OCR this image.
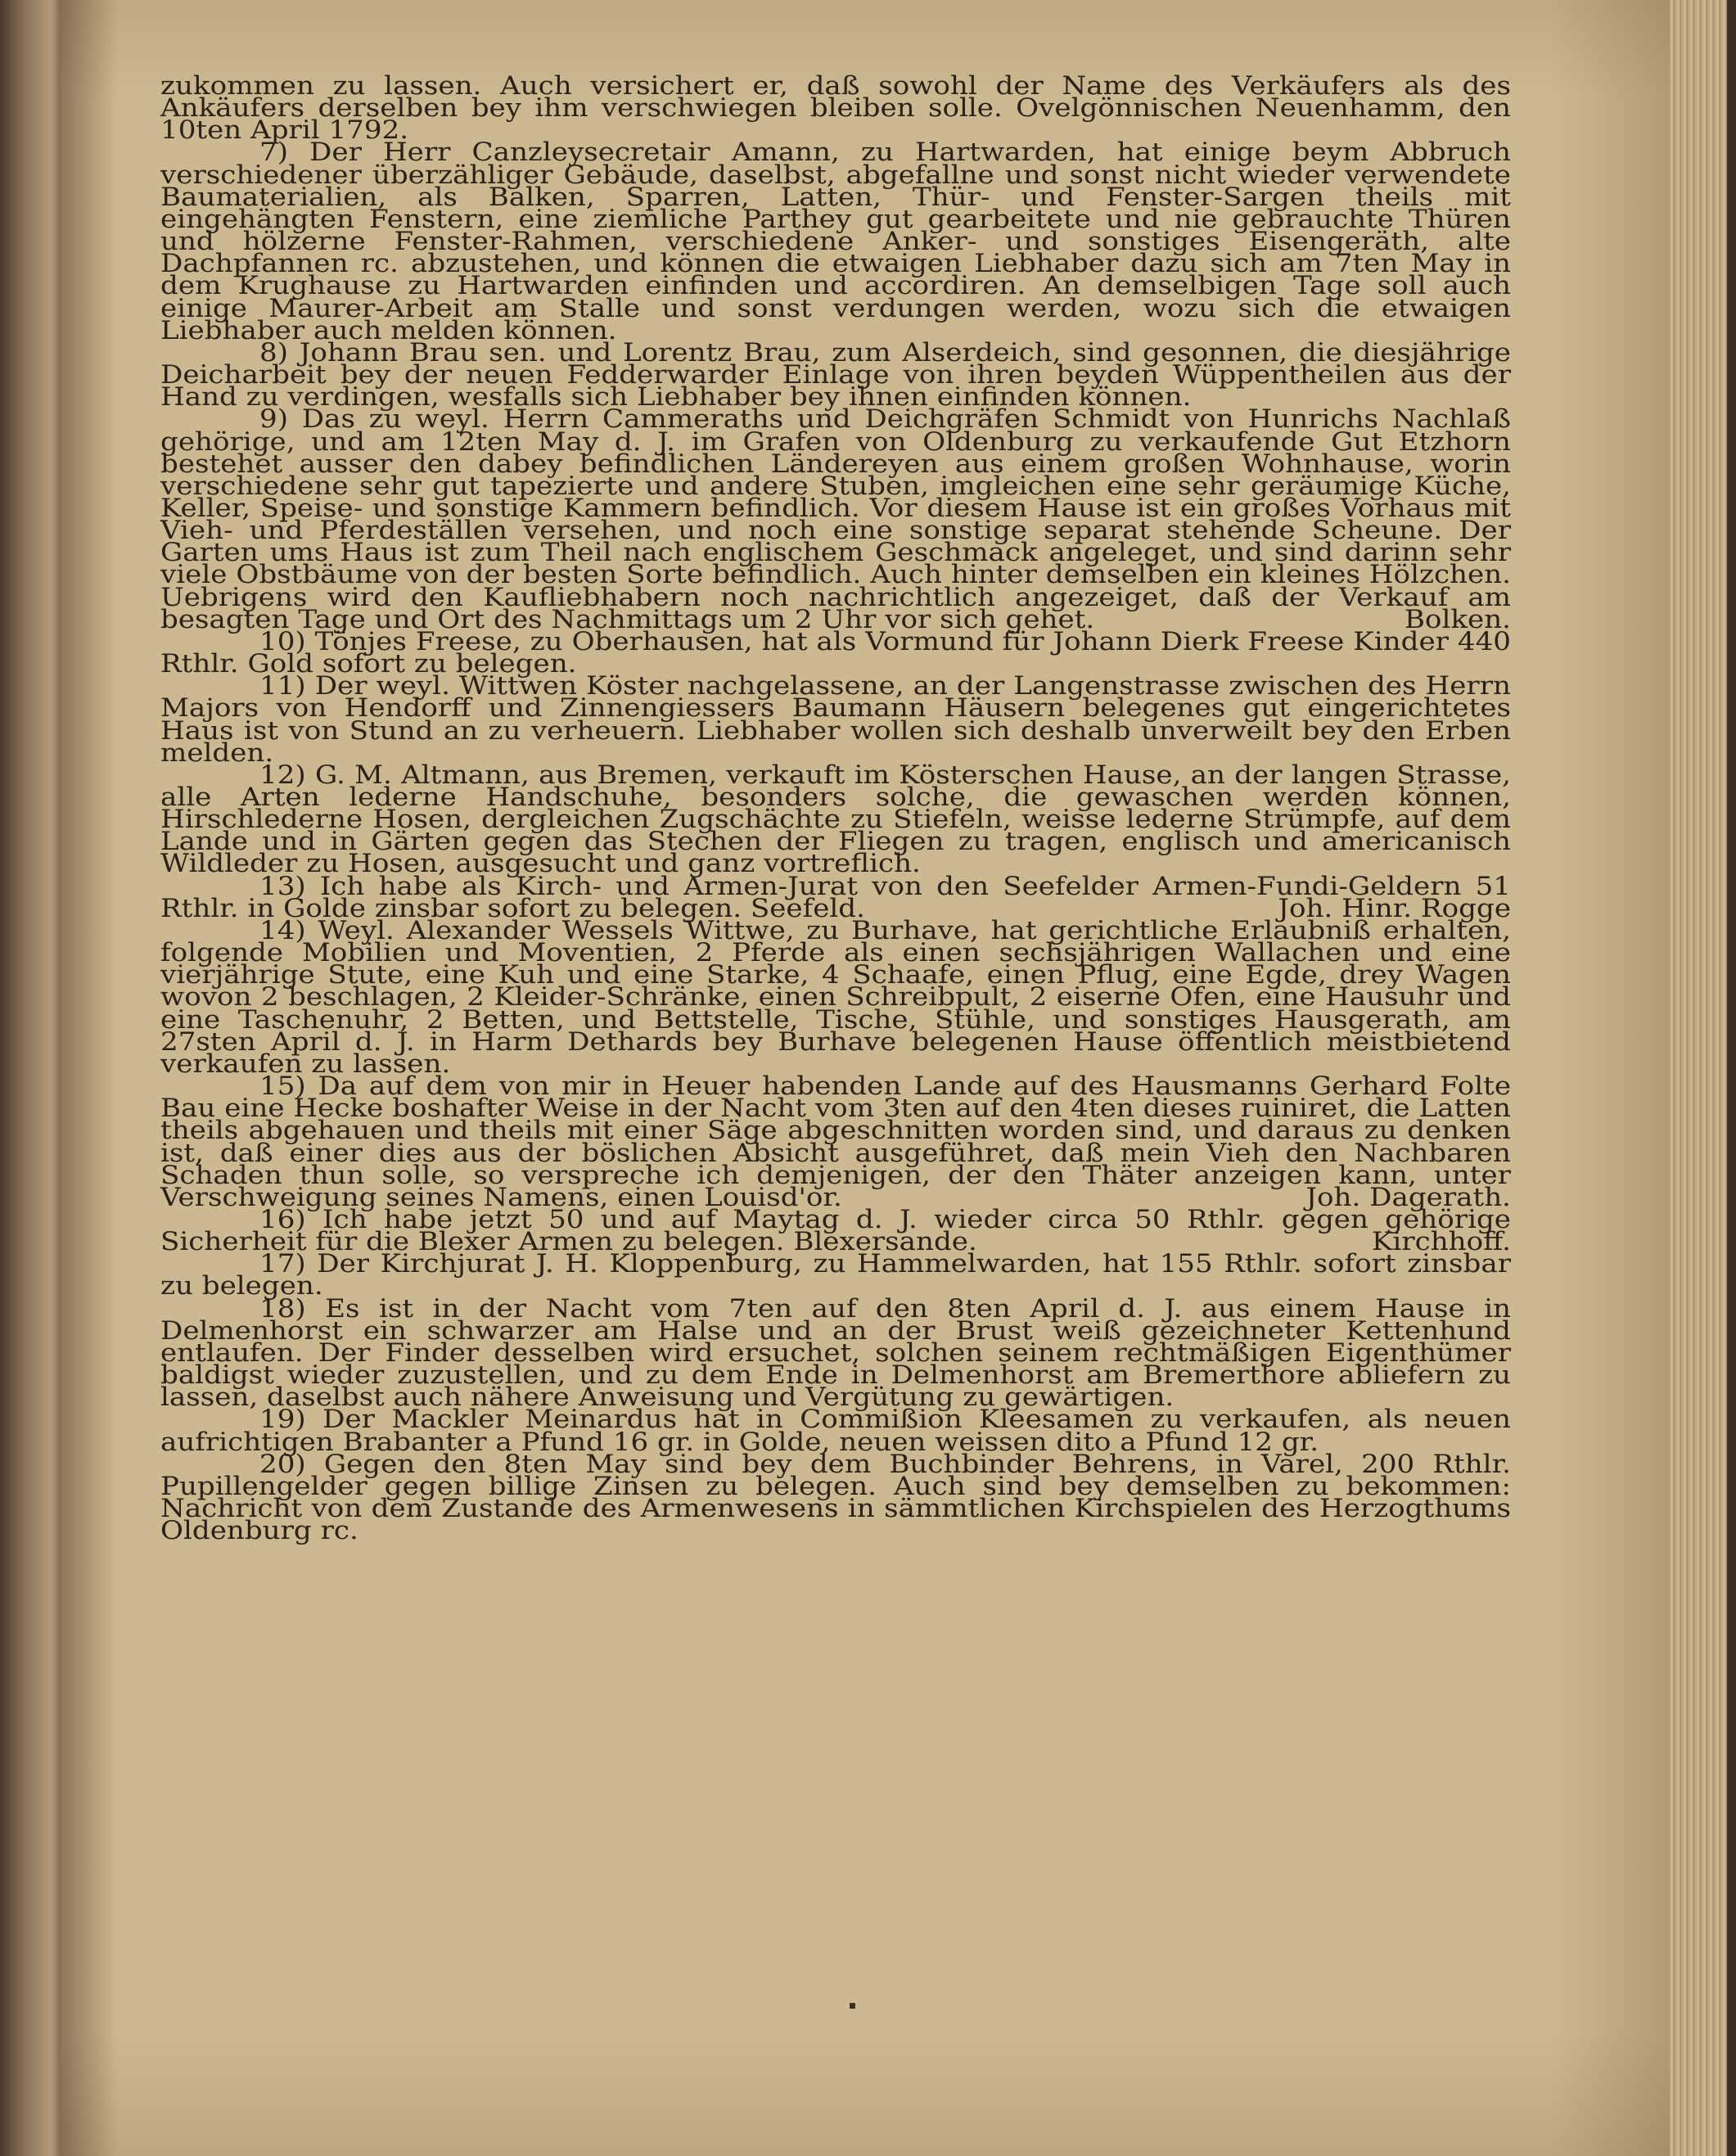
zukommen zu lassen. Auch versichert er, daß sowohl der Name des Verkäufers als des Ankäufers derselben bey ihm verschwiegen bleiben solle. Ovelgönnischen Neuenhamm, den 10ten April 1792.

7) Der Herr Canzleysecretair Amann, zu Hartwarden, hat einige beym Abbruch verschiedener überzähliger Gebäude, daselbst, abgefallne und sonst nicht wieder verwendete Baumaterialien, als Balken, Sparren, Latten, Thür- und Fenster-Sargen theils mit eingehängten Fenstern, eine ziemliche Parthey gut gearbeitete und nie gebrauchte Thüren und hölzerne Fenster-Rahmen, verschiedene Anker- und sonstiges Eisengeräth, alte Dachpfannen rc. abzustehen, und können die etwaigen Liebhaber dazu sich am 7ten May in dem Krughause zu Hartwarden einfinden und accordiren. An demselbigen Tage soll auch einige Maurer-Arbeit am Stalle und sonst verdungen werden, wozu sich die etwaigen Liebhaber auch melden können.

8) Johann Brau sen. und Lorentz Brau, zum Alserdeich, sind gesonnen, die diesjährige Deicharbeit bey der neuen Fedderwarder Einlage von ihren beyden Wüppentheilen aus der Hand zu verdingen, wesfalls sich Liebhaber bey ihnen einfinden können.

9) Das zu weyl. Herrn Cammeraths und Deichgräfen Schmidt von Hunrichs Nachlaß gehörige, und am 12ten May d. J. im Grafen von Oldenburg zu verkaufende Gut Etzhorn bestehet ausser den dabey befindlichen Ländereyen aus einem großen Wohnhause, worin verschiedene sehr gut tapezierte und andere Stuben, imgleichen eine sehr geräumige Küche, Keller, Speise- und sonstige Kammern befindlich. Vor diesem Hause ist ein großes Vorhaus mit Vieh- und Pferdeställen versehen, und noch eine sonstige separat stehende Scheune. Der Garten ums Haus ist zum Theil nach englischem Geschmack angeleget, und sind darinn sehr viele Obstbäume von der besten Sorte befindlich. Auch hinter demselben ein kleines Hölzchen. Uebrigens wird den Kaufliebhabern noch nachrichtlich angezeiget, daß der Verkauf am besagten Tage und Ort des Nachmittags um 2 Uhr vor sich gehet.	Bolken.

10) Tönjes Freese, zu Oberhausen, hat als Vormund für Johann Dierk Freese Kinder 440 Rthlr. Gold sofort zu belegen.

11) Der weyl. Wittwen Köster nachgelassene, an der Langenstrasse zwischen des Herrn Majors von Hendorff und Zinnengiessers Baumann Häusern belegenes gut eingerichtetes Haus ist von Stund an zu verheuern. Liebhaber wollen sich deshalb unverweilt bey den Erben melden.

12) G. M. Altmann, aus Bremen, verkauft im Kösterschen Hause, an der langen Strasse, alle Arten lederne Handschuhe, besonders solche, die gewaschen werden können, Hirschlederne Hosen, dergleichen Zugschächte zu Stiefeln, weisse lederne Strümpfe, auf dem Lande und in Gärten gegen das Stechen der Fliegen zu tragen, englisch und americanisch Wildleder zu Hosen, ausgesucht und ganz vortreflich.

13) Ich habe als Kirch- und Armen-Jurat von den Seefelder Armen-Fundi-Geldern 51 Rthlr. in Golde zinsbar sofort zu belegen. Seefeld.	Joh. Hinr. Rogge

14) Weyl. Alexander Wessels Wittwe, zu Burhave, hat gerichtliche Erlaubniß erhalten, folgende Mobilien und Moventien, 2 Pferde als einen sechsjährigen Wallachen und eine vierjährige Stute, eine Kuh und eine Starke, 4 Schaafe, einen Pflug, eine Egde, drey Wagen wovon 2 beschlagen, 2 Kleider-Schränke, einen Schreibpult, 2 eiserne Ofen, eine Hausuhr und eine Taschenuhr, 2 Betten, und Bettstelle, Tische, Stühle, und sonstiges Hausgerath, am 27sten April d. J. in Harm Dethards bey Burhave belegenen Hause öffentlich meistbietend verkaufen zu lassen.

15) Da auf dem von mir in Heuer habenden Lande auf des Hausmanns Gerhard Folte Bau eine Hecke boshafter Weise in der Nacht vom 3ten auf den 4ten dieses ruiniret, die Latten theils abgehauen und theils mit einer Säge abgeschnitten worden sind, und daraus zu denken ist, daß einer dies aus der böslichen Absicht ausgeführet, daß mein Vieh den Nachbaren Schaden thun solle, so verspreche ich demjenigen, der den Thäter anzeigen kann, unter Verschweigung seines Namens, einen Louisd'or.	Joh. Dagerath.

16) Ich habe jetzt 50 und auf Maytag d. J. wieder circa 50 Rthlr. gegen gehörige Sicherheit für die Blexer Armen zu belegen. Blexersande.	Kirchhoff.

17) Der Kirchjurat J. H. Kloppenburg, zu Hammelwarden, hat 155 Rthlr. sofort zinsbar zu belegen.

18) Es ist in der Nacht vom 7ten auf den 8ten April d. J. aus einem Hause in Delmenhorst ein schwarzer am Halse und an der Brust weiß gezeichneter Kettenhund entlaufen. Der Finder desselben wird ersuchet, solchen seinem rechtmäßigen Eigenthümer baldigst wieder zuzustellen, und zu dem Ende in Delmenhorst am Bremerthore abliefern zu lassen, daselbst auch nähere Anweisung und Vergütung zu gewärtigen.

19) Der Mackler Meinardus hat in Commißion Kleesamen zu verkaufen, als neuen aufrichtigen Brabanter a Pfund 16 gr. in Golde, neuen weissen dito a Pfund 12 gr.

20) Gegen den 8ten May sind bey dem Buchbinder Behrens, in Varel, 200 Rthlr. Pupillengelder gegen billige Zinsen zu belegen. Auch sind bey demselben zu bekommen: Nachricht von dem Zustande des Armenwesens in sämmtlichen Kirchspielen des Herzogthums Oldenburg rc.
